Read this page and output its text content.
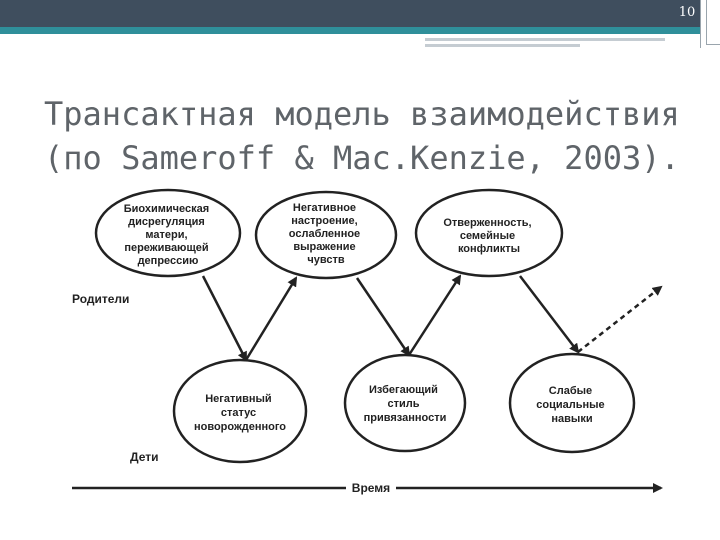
10
Трансактная модель взаимодействия
(по Sameroff & Mac.Kenzie, 2003).
Время
Родители
Дети
Биохимическая дисрегуляция матери, переживающей депрессию
Негативное настроение, ослабленное выражение чувств
Отверженность, семейные конфликты
Негативный статус новорожденного
Избегающий стиль привязанности
Слабые социальные навыки
